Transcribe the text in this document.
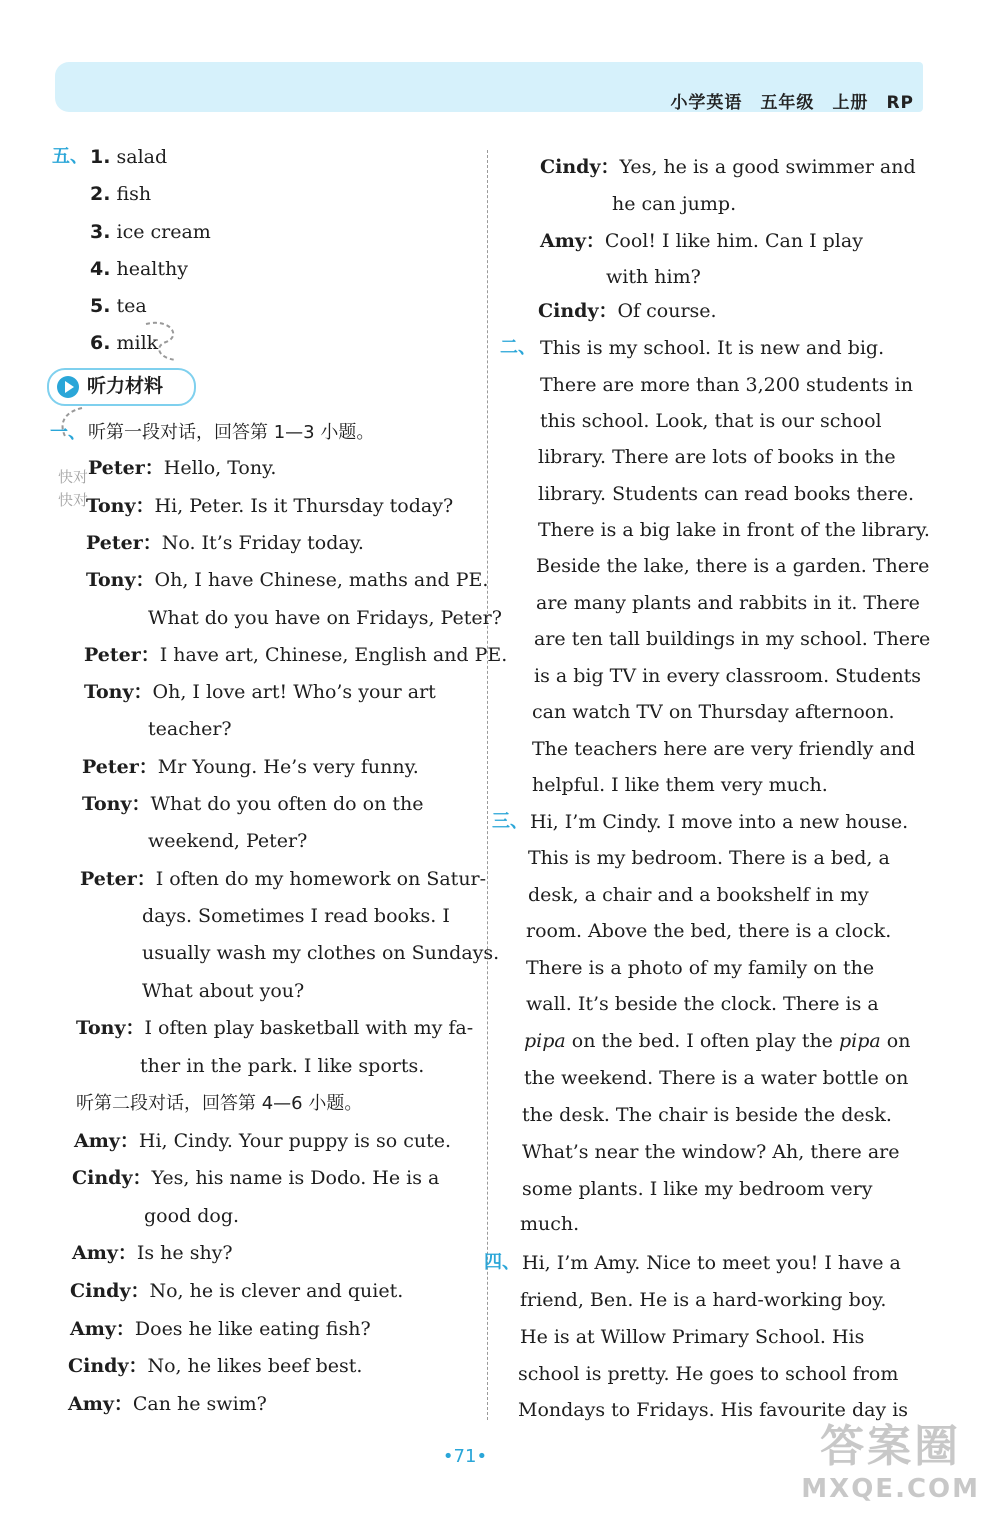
小学英语 五年级 上册 RP
五、 1. salad
2. fish
3. ice cream
4. healthy
5. tea
6. milk
听力材料
快对
快对
一、 听第一段对话，回答第 1—3 小题。
Peter：Hello, Tony.
Tony：Hi, Peter. Is it Thursday today?
Peter：No. It’s Friday today.
Tony：Oh, I have Chinese, maths and PE.
What do you have on Fridays, Peter?
Peter：I have art, Chinese, English and PE.
Tony：Oh, I love art! Who’s your art
teacher?
Peter：Mr Young. He’s very funny.
Tony：What do you often do on the
weekend, Peter?
Peter：I often do my homework on Satur-
days. Sometimes I read books. I
usually wash my clothes on Sundays.
What about you?
Tony：I often play basketball with my fa-
ther in the park. I like sports.
听第二段对话，回答第 4—6 小题。
Amy：Hi, Cindy. Your puppy is so cute.
Cindy：Yes, his name is Dodo. He is a
good dog.
Amy：Is he shy?
Cindy：No, he is clever and quiet.
Amy：Does he like eating fish?
Cindy：No, he likes beef best.
Amy：Can he swim?
Cindy：Yes, he is a good swimmer and
he can jump.
Amy：Cool! I like him. Can I play
with him?
Cindy：Of course.
二、 This is my school. It is new and big.
There are more than 3,200 students in
this school. Look, that is our school
library. There are lots of books in the
library. Students can read books there.
There is a big lake in front of the library.
Beside the lake, there is a garden. There
are many plants and rabbits in it. There
are ten tall buildings in my school. There
is a big TV in every classroom. Students
can watch TV on Thursday afternoon.
The teachers here are very friendly and
helpful. I like them very much.
三、 Hi, I’m Cindy. I move into a new house.
This is my bedroom. There is a bed, a
desk, a chair and a bookshelf in my
room. Above the bed, there is a clock.
There is a photo of my family on the
wall. It’s beside the clock. There is a
pipa on the bed. I often play the pipa on
the weekend. There is a water bottle on
the desk. The chair is beside the desk.
What’s near the window? Ah, there are
some plants. I like my bedroom very
much.
四、 Hi, I’m Amy. Nice to meet you! I have a
friend, Ben. He is a hard-working boy.
He is at Willow Primary School. His
school is pretty. He goes to school from
Mondays to Fridays. His favourite day is
•71•	答案圈
MXQE.COM
